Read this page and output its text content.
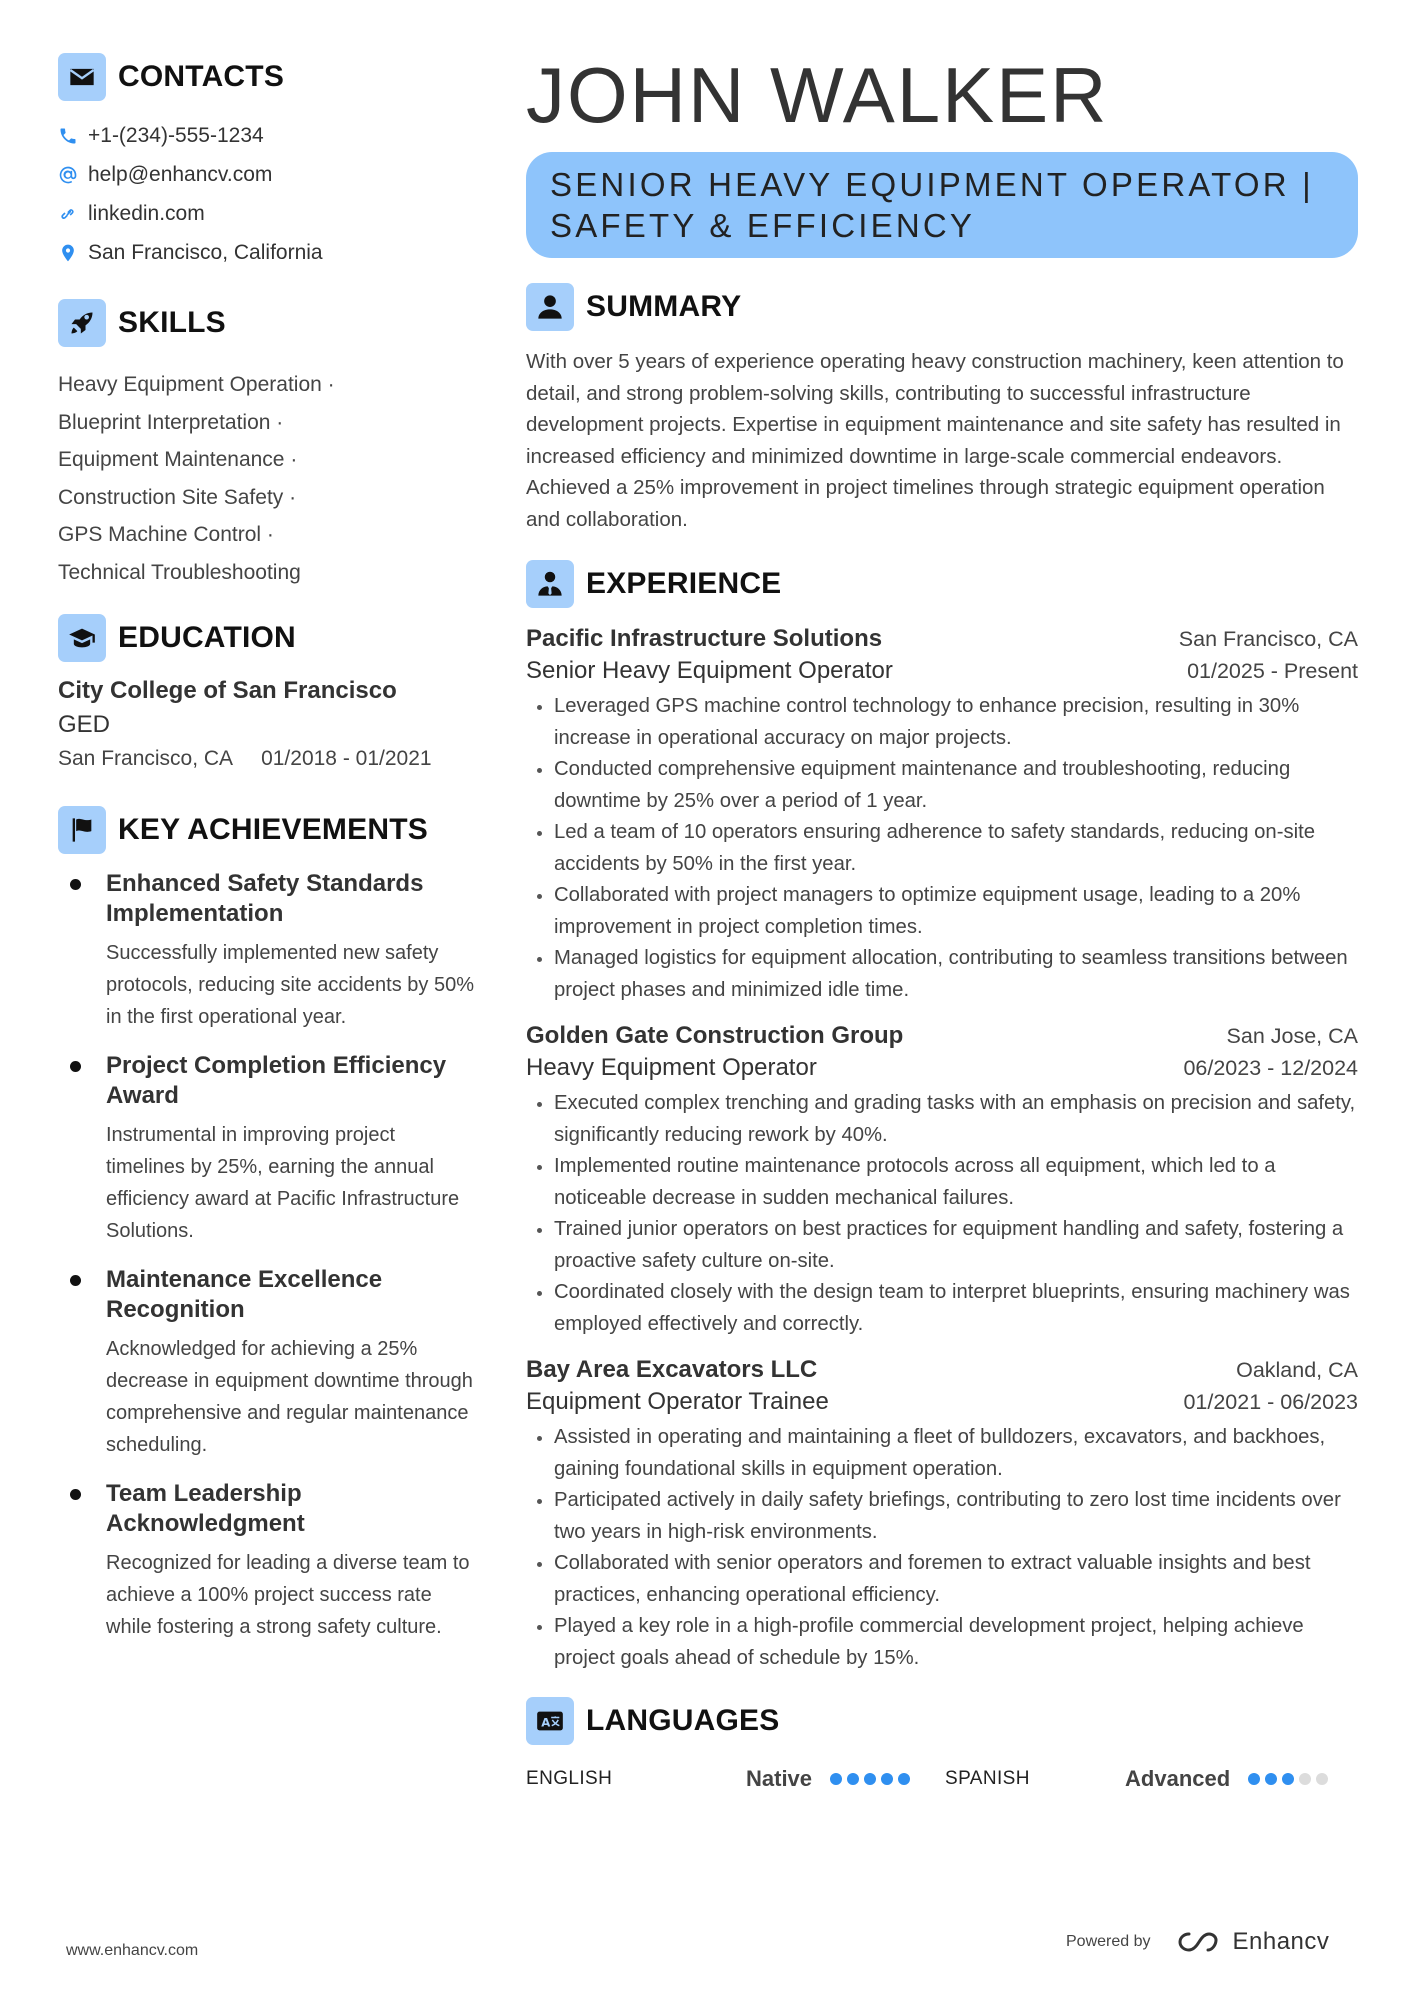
CONTACTS
+1-(234)-555-1234
help@enhancv.com
linkedin.com
San Francisco, California
SKILLS
Heavy Equipment Operation ·
Blueprint Interpretation ·
Equipment Maintenance ·
Construction Site Safety ·
GPS Machine Control ·
Technical Troubleshooting
EDUCATION
City College of San Francisco
GED
San Francisco, CA 01/2018 - 01/2021
KEY ACHIEVEMENTS
Enhanced Safety Standards Implementation
Successfully implemented new safety protocols, reducing site accidents by 50% in the first operational year.
Project Completion Efficiency Award
Instrumental in improving project timelines by 25%, earning the annual efficiency award at Pacific Infrastructure Solutions.
Maintenance Excellence Recognition
Acknowledged for achieving a 25% decrease in equipment downtime through comprehensive and regular maintenance scheduling.
Team Leadership Acknowledgment
Recognized for leading a diverse team to achieve a 100% project success rate while fostering a strong safety culture.
JOHN WALKER
SENIOR HEAVY EQUIPMENT OPERATOR |
SAFETY & EFFICIENCY
SUMMARY
With over 5 years of experience operating heavy construction machinery, keen attention to detail, and strong problem-solving skills, contributing to successful infrastructure development projects. Expertise in equipment maintenance and site safety has resulted in increased efficiency and minimized downtime in large-scale commercial endeavors. Achieved a 25% improvement in project timelines through strategic equipment operation and collaboration.
EXPERIENCE
Pacific Infrastructure Solutions	San Francisco, CA
Senior Heavy Equipment Operator	01/2025 - Present
Leveraged GPS machine control technology to enhance precision, resulting in 30% increase in operational accuracy on major projects.
Conducted comprehensive equipment maintenance and troubleshooting, reducing downtime by 25% over a period of 1 year.
Led a team of 10 operators ensuring adherence to safety standards, reducing on-site accidents by 50% in the first year.
Collaborated with project managers to optimize equipment usage, leading to a 20% improvement in project completion times.
Managed logistics for equipment allocation, contributing to seamless transitions between project phases and minimized idle time.
Golden Gate Construction Group	San Jose, CA
Heavy Equipment Operator	06/2023 - 12/2024
Executed complex trenching and grading tasks with an emphasis on precision and safety, significantly reducing rework by 40%.
Implemented routine maintenance protocols across all equipment, which led to a noticeable decrease in sudden mechanical failures.
Trained junior operators on best practices for equipment handling and safety, fostering a proactive safety culture on-site.
Coordinated closely with the design team to interpret blueprints, ensuring machinery was employed effectively and correctly.
Bay Area Excavators LLC	Oakland, CA
Equipment Operator Trainee	01/2021 - 06/2023
Assisted in operating and maintaining a fleet of bulldozers, excavators, and backhoes, gaining foundational skills in equipment operation.
Participated actively in daily safety briefings, contributing to zero lost time incidents over two years in high-risk environments.
Collaborated with senior operators and foremen to extract valuable insights and best practices, enhancing operational efficiency.
Played a key role in a high-profile commercial development project, helping achieve project goals ahead of schedule by 15%.
A LANGUAGES
ENGLISH	Native	SPANISH	Advanced
www.enhancv.com
Powered by	Enhancv
